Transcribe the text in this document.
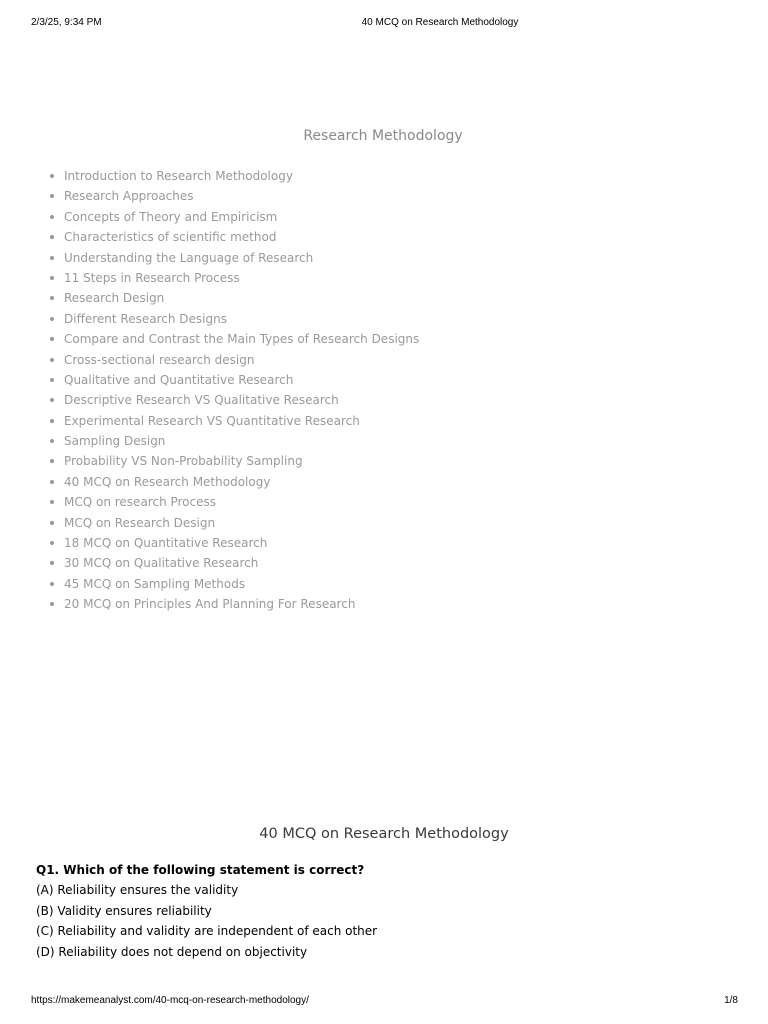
2/3/25, 9:34 PM	40 MCQ on Research Methodology
Research Methodology
Introduction to Research Methodology
Research Approaches
Concepts of Theory and Empiricism
Characteristics of scientific method
Understanding the Language of Research
11 Steps in Research Process
Research Design
Different Research Designs
Compare and Contrast the Main Types of Research Designs
Cross-sectional research design
Qualitative and Quantitative Research
Descriptive Research VS Qualitative Research
Experimental Research VS Quantitative Research
Sampling Design
Probability VS Non-Probability Sampling
40 MCQ on Research Methodology
MCQ on research Process
MCQ on Research Design
18 MCQ on Quantitative Research
30 MCQ on Qualitative Research
45 MCQ on Sampling Methods
20 MCQ on Principles And Planning For Research
40 MCQ on Research Methodology
Q1. Which of the following statement is correct?
(A) Reliability ensures the validity
(B) Validity ensures reliability
(C) Reliability and validity are independent of each other
(D) Reliability does not depend on objectivity
https://makemeanalyst.com/40-mcq-on-research-methodology/	1/8
